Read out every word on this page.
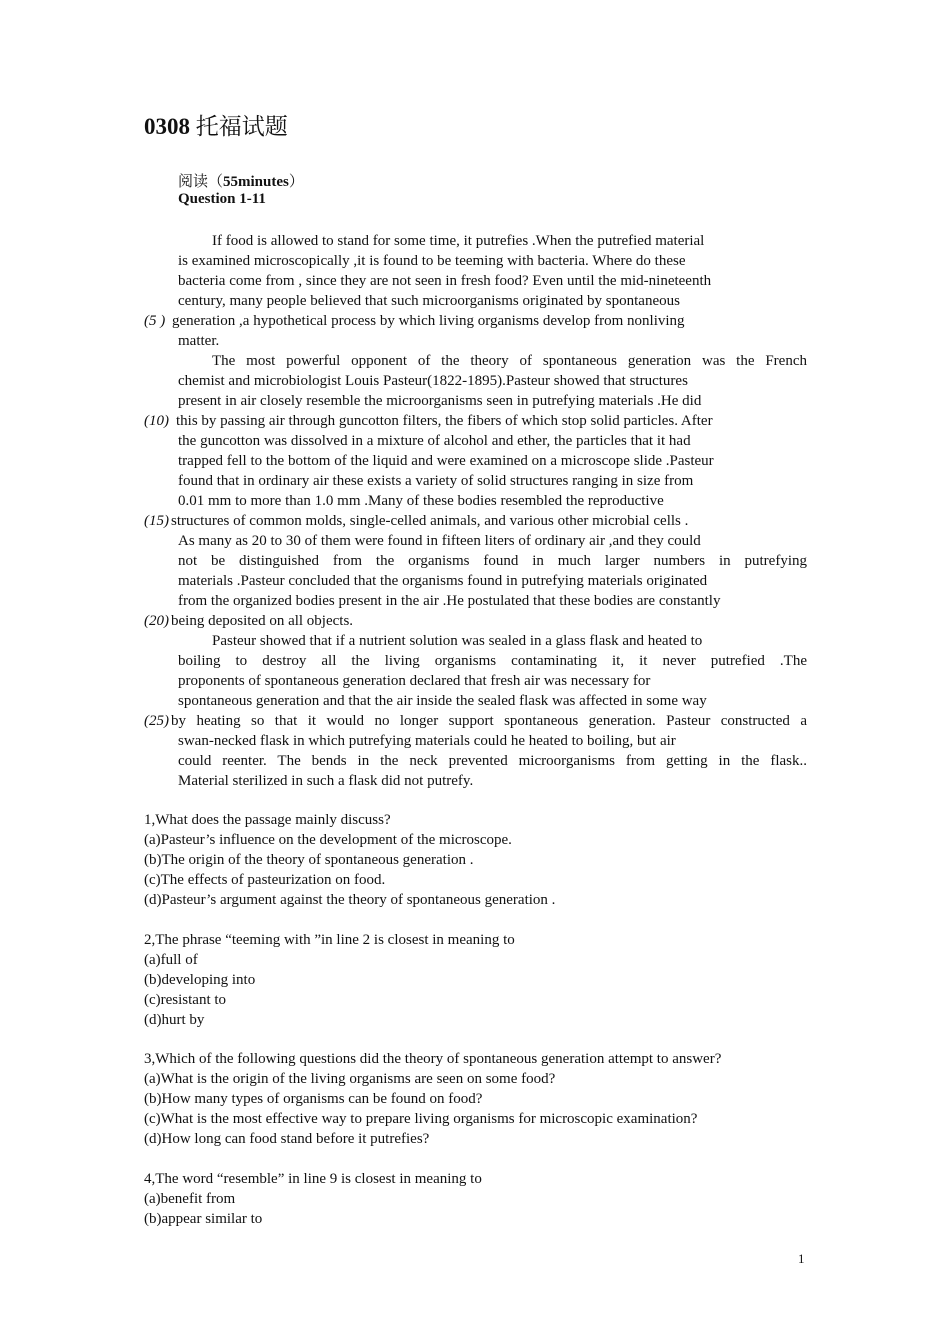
0308 托福试题
阅读（55minutes）
Question 1-11
If food is allowed to stand for some time, it putrefies .When the putrefied material
is examined microscopically ,it is found to be teeming with bacteria. Where do these
bacteria come from , since they are not seen in fresh food? Even until the mid-nineteenth
century, many people believed that such microorganisms originated by spontaneous
(5 ) generation ,a hypothetical process by which living organisms develop from nonliving
matter.
The most powerful opponent of the theory of spontaneous generation was the French
chemist and microbiologist Louis Pasteur(1822-1895).Pasteur showed that structures
present in air closely resemble the microorganisms seen in putrefying materials .He did
(10) this by passing air through guncotton filters, the fibers of which stop solid particles. After
the guncotton was dissolved in a mixture of alcohol and ether, the particles that it had
trapped fell to the bottom of the liquid and were examined on a microscope slide .Pasteur
found that in ordinary air these exists a variety of solid structures ranging in size from
0.01 mm to more than 1.0 mm .Many of these bodies resembled the reproductive
(15) structures of common molds, single-celled animals, and various other microbial cells .
As many as 20 to 30 of them were found in fifteen liters of ordinary air ,and they could
not be distinguished from the organisms found in much larger numbers in putrefying
materials .Pasteur concluded that the organisms found in putrefying materials originated
from the organized bodies present in the air .He postulated that these bodies are constantly
(20) being deposited on all objects.
Pasteur showed that if a nutrient solution was sealed in a glass flask and heated to
boiling to destroy all the living organisms contaminating it, it never putrefied .The
proponents of spontaneous generation declared that fresh air was necessary for
spontaneous generation and that the air inside the sealed flask was affected in some way
(25) by heating so that it would no longer support spontaneous generation. Pasteur constructed a
swan-necked flask in which putrefying materials could he heated to boiling, but air
could reenter. The bends in the neck prevented microorganisms from getting in the flask..
Material sterilized in such a flask did not putrefy.
1,What does the passage mainly discuss?
(a)Pasteur’s influence on the development of the microscope.
(b)The origin of the theory of spontaneous generation .
(c)The effects of pasteurization on food.
(d)Pasteur’s argument against the theory of spontaneous generation .
2,The phrase “teeming with ”in line 2 is closest in meaning to
(a)full of
(b)developing into
(c)resistant to
(d)hurt by
3,Which of the following questions did the theory of spontaneous generation attempt to answer?
(a)What is the origin of the living organisms are seen on some food?
(b)How many types of organisms can be found on food?
(c)What is the most effective way to prepare living organisms for microscopic examination?
(d)How long can food stand before it putrefies?
4,The word “resemble” in line 9 is closest in meaning to
(a)benefit from
(b)appear similar to
1
